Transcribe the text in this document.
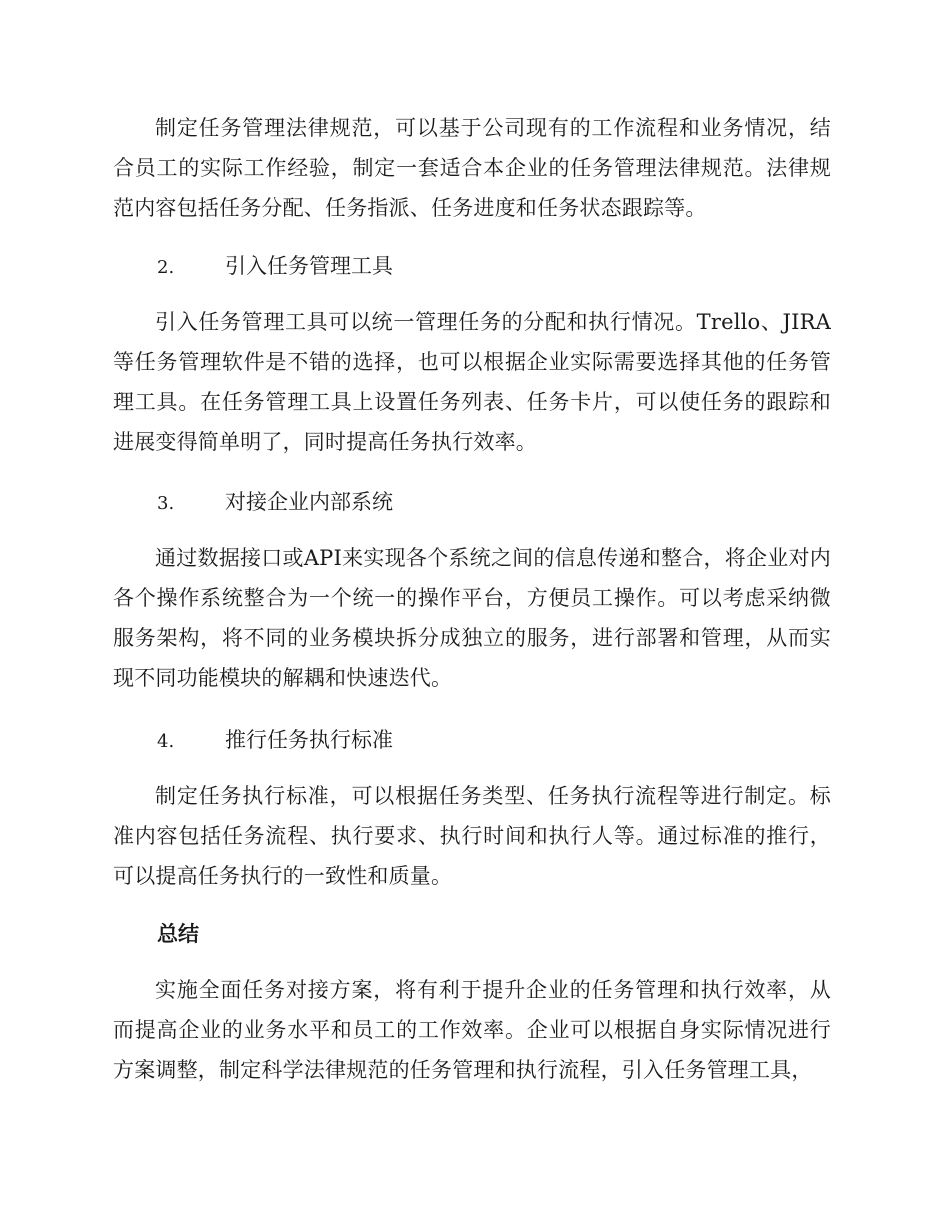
制定任务管理法律规范，可以基于公司现有的工作流程和业务情况，结合员工的实际工作经验，制定一套适合本企业的任务管理法律规范。法律规范内容包括任务分配、任务指派、任务进度和任务状态跟踪等。

2. 引入任务管理工具

引入任务管理工具可以统一管理任务的分配和执行情况。Trello、JIRA等任务管理软件是不错的选择，也可以根据企业实际需要选择其他的任务管理工具。在任务管理工具上设置任务列表、任务卡片，可以使任务的跟踪和进展变得简单明了，同时提高任务执行效率。

3. 对接企业内部系统

通过数据接口或API来实现各个系统之间的信息传递和整合，将企业对内各个操作系统整合为一个统一的操作平台，方便员工操作。可以考虑采纳微服务架构，将不同的业务模块拆分成独立的服务，进行部署和管理，从而实现不同功能模块的解耦和快速迭代。

4. 推行任务执行标准

制定任务执行标准，可以根据任务类型、任务执行流程等进行制定。标准内容包括任务流程、执行要求、执行时间和执行人等。通过标准的推行，可以提高任务执行的一致性和质量。

总结

实施全面任务对接方案，将有利于提升企业的任务管理和执行效率，从而提高企业的业务水平和员工的工作效率。企业可以根据自身实际情况进行方案调整，制定科学法律规范的任务管理和执行流程，引入任务管理工具，
